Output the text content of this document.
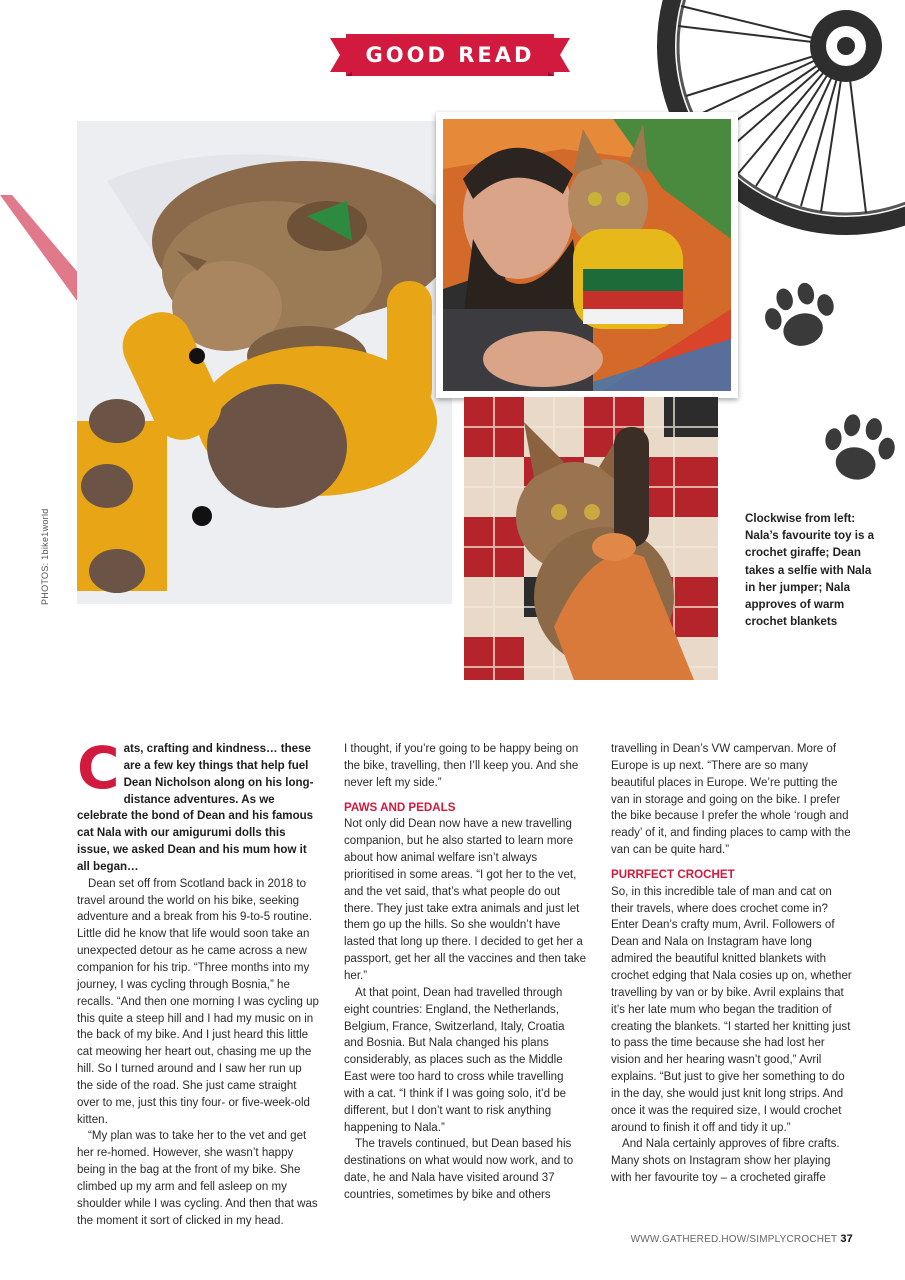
GOOD READ
PHOTOS: 1bike1world	Clockwise from left: Nala’s favourite toy is a crochet giraffe; Dean takes a selfie with Nala in her jumper; Nala approves of warm crochet blankets
Cats, crafting and kindness… these are a few key things that help fuel Dean Nicholson along on his long-distance adventures. As we celebrate the bond of Dean and his famous cat Nala with our amigurumi dolls this issue, we asked Dean and his mum how it all began…

Dean set off from Scotland back in 2018 to travel around the world on his bike, seeking adventure and a break from his 9-to-5 routine. Little did he know that life would soon take an unexpected detour as he came across a new companion for his trip. “Three months into my journey, I was cycling through Bosnia,” he recalls. “And then one morning I was cycling up this quite a steep hill and I had my music on in the back of my bike. And I just heard this little cat meowing her heart out, chasing me up the hill. So I turned around and I saw her run up the side of the road. She just came straight over to me, just this tiny four- or five-week-old kitten.

“My plan was to take her to the vet and get her re-homed. However, she wasn’t happy being in the bag at the front of my bike. She climbed up my arm and fell asleep on my shoulder while I was cycling. And then that was the moment it sort of clicked in my head.

I thought, if you’re going to be happy being on the bike, travelling, then I’ll keep you. And she never left my side.”

PAWS AND PEDALS

Not only did Dean now have a new travelling companion, but he also started to learn more about how animal welfare isn’t always prioritised in some areas. “I got her to the vet, and the vet said, that’s what people do out there. They just take extra animals and just let them go up the hills. So she wouldn’t have lasted that long up there. I decided to get her a passport, get her all the vaccines and then take her.”

At that point, Dean had travelled through eight countries: England, the Netherlands, Belgium, France, Switzerland, Italy, Croatia and Bosnia. But Nala changed his plans considerably, as places such as the Middle East were too hard to cross while travelling with a cat. “I think if I was going solo, it’d be different, but I don’t want to risk anything happening to Nala.”

The travels continued, but Dean based his destinations on what would now work, and to date, he and Nala have visited around 37 countries, sometimes by bike and others

travelling in Dean’s VW campervan. More of Europe is up next. “There are so many beautiful places in Europe. We’re putting the van in storage and going on the bike. I prefer the bike because I prefer the whole ‘rough and ready’ of it, and finding places to camp with the van can be quite hard.”

PURRFECT CROCHET

So, in this incredible tale of man and cat on their travels, where does crochet come in? Enter Dean’s crafty mum, Avril. Followers of Dean and Nala on Instagram have long admired the beautiful knitted blankets with crochet edging that Nala cosies up on, whether travelling by van or by bike. Avril explains that it’s her late mum who began the tradition of creating the blankets. “I started her knitting just to pass the time because she had lost her vision and her hearing wasn’t good,” Avril explains. “But just to give her something to do in the day, she would just knit long strips. And once it was the required size, I would crochet around to finish it off and tidy it up.”

And Nala certainly approves of fibre crafts. Many shots on Instagram show her playing with her favourite toy – a crocheted giraffe

WWW.GATHERED.HOW/SIMPLYCROCHET 37
